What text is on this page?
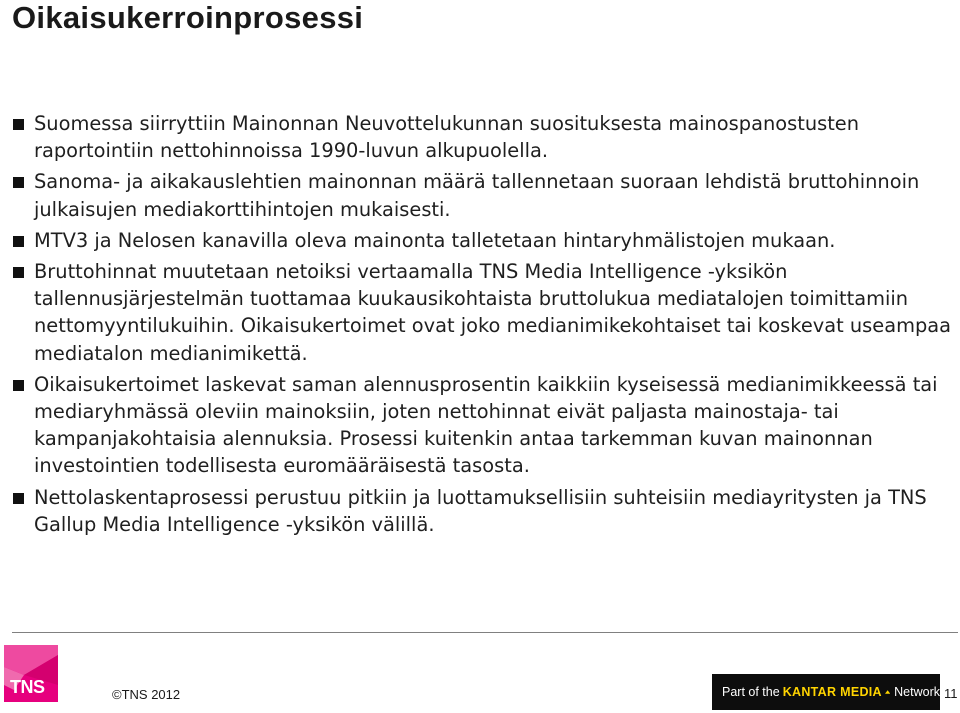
Oikaisukerroinprosessi
Suomessa siirryttiin Mainonnan Neuvottelukunnan suosituksesta mainospanostusten raportointiin nettohinnoissa 1990-luvun alkupuolella.
Sanoma- ja aikakauslehtien mainonnan määrä tallennetaan suoraan lehdistä bruttohinnoin julkaisujen mediakorttihintojen mukaisesti.
MTV3 ja Nelosen kanavilla oleva mainonta talletetaan hintaryhmälistojen mukaan.
Bruttohinnat muutetaan netoiksi vertaamalla TNS Media Intelligence -yksikön tallennusjärjestelmän tuottamaa kuukausikohtaista bruttolukua mediatalojen toimittamiin nettomyyntilukuihin. Oikaisukertoimet ovat joko medianimikekohtaiset tai koskevat useampaa mediatalon medianimikettä.
Oikaisukertoimet laskevat saman alennusprosentin kaikkiin kyseisessä medianimikkeessä tai mediaryhmässä oleviin mainoksiin, joten nettohinnat eivät paljasta mainostaja- tai kampanjakohtaisia alennuksia. Prosessi kuitenkin antaa tarkemman kuvan mainonnan investointien todellisesta euromääräisestä tasosta.
Nettolaskentaprosessi perustuu pitkiin ja luottamuksellisiin suhteisiin mediayritysten ja TNS Gallup Media Intelligence -yksikön välillä.
TNS	©TNS 2012	Part of the KANTAR MEDIA Network 11
